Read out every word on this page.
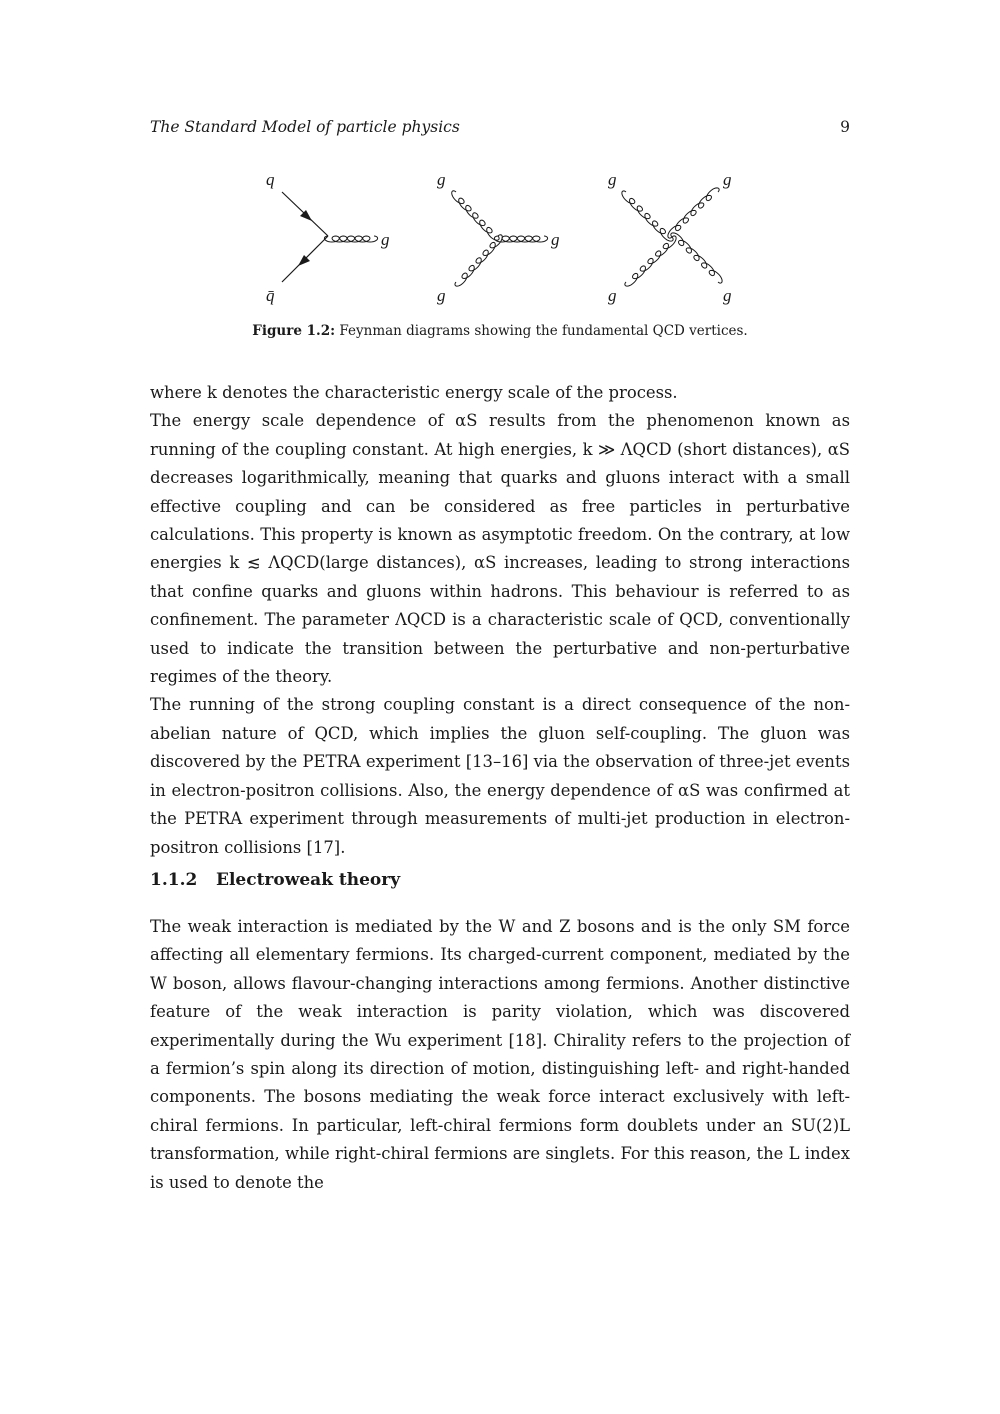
The Standard Model of particle physics	9
q
q̄
g
g
g
g
g	g
g	g
Figure 1.2: Feynman diagrams showing the fundamental QCD vertices.

where k denotes the characteristic energy scale of the process.

The energy scale dependence of αS results from the phenomenon known as running of the coupling constant. At high energies, k ≫ ΛQCD (short distances), αS decreases logarithmically, meaning that quarks and gluons interact with a small effective coupling and can be considered as free particles in perturbative calculations. This property is known as asymptotic freedom. On the contrary, at low energies k ≲ ΛQCD(large distances), αS increases, leading to strong interactions that confine quarks and gluons within hadrons. This behaviour is referred to as confinement. The parameter ΛQCD is a characteristic scale of QCD, conventionally used to indicate the transition between the perturbative and non-perturbative regimes of the theory.

The running of the strong coupling constant is a direct consequence of the non-abelian nature of QCD, which implies the gluon self-coupling. The gluon was discovered by the PETRA experiment [13–16] via the observation of three-jet events in electron-positron collisions. Also, the energy dependence of αS was confirmed at the PETRA experiment through measurements of multi-jet production in electron-positron collisions [17].

1.1.2 Electroweak theory

The weak interaction is mediated by the W and Z bosons and is the only SM force affecting all elementary fermions. Its charged-current component, mediated by the W boson, allows flavour-changing interactions among fermions. Another distinctive feature of the weak interaction is parity violation, which was discovered experimentally during the Wu experiment [18]. Chirality refers to the projection of a fermion’s spin along its direction of motion, distinguishing left- and right-handed components. The bosons mediating the weak force interact exclusively with left-chiral fermions. In particular, left-chiral fermions form doublets under an SU(2)L transformation, while right-chiral fermions are singlets. For this reason, the L index is used to denote the
